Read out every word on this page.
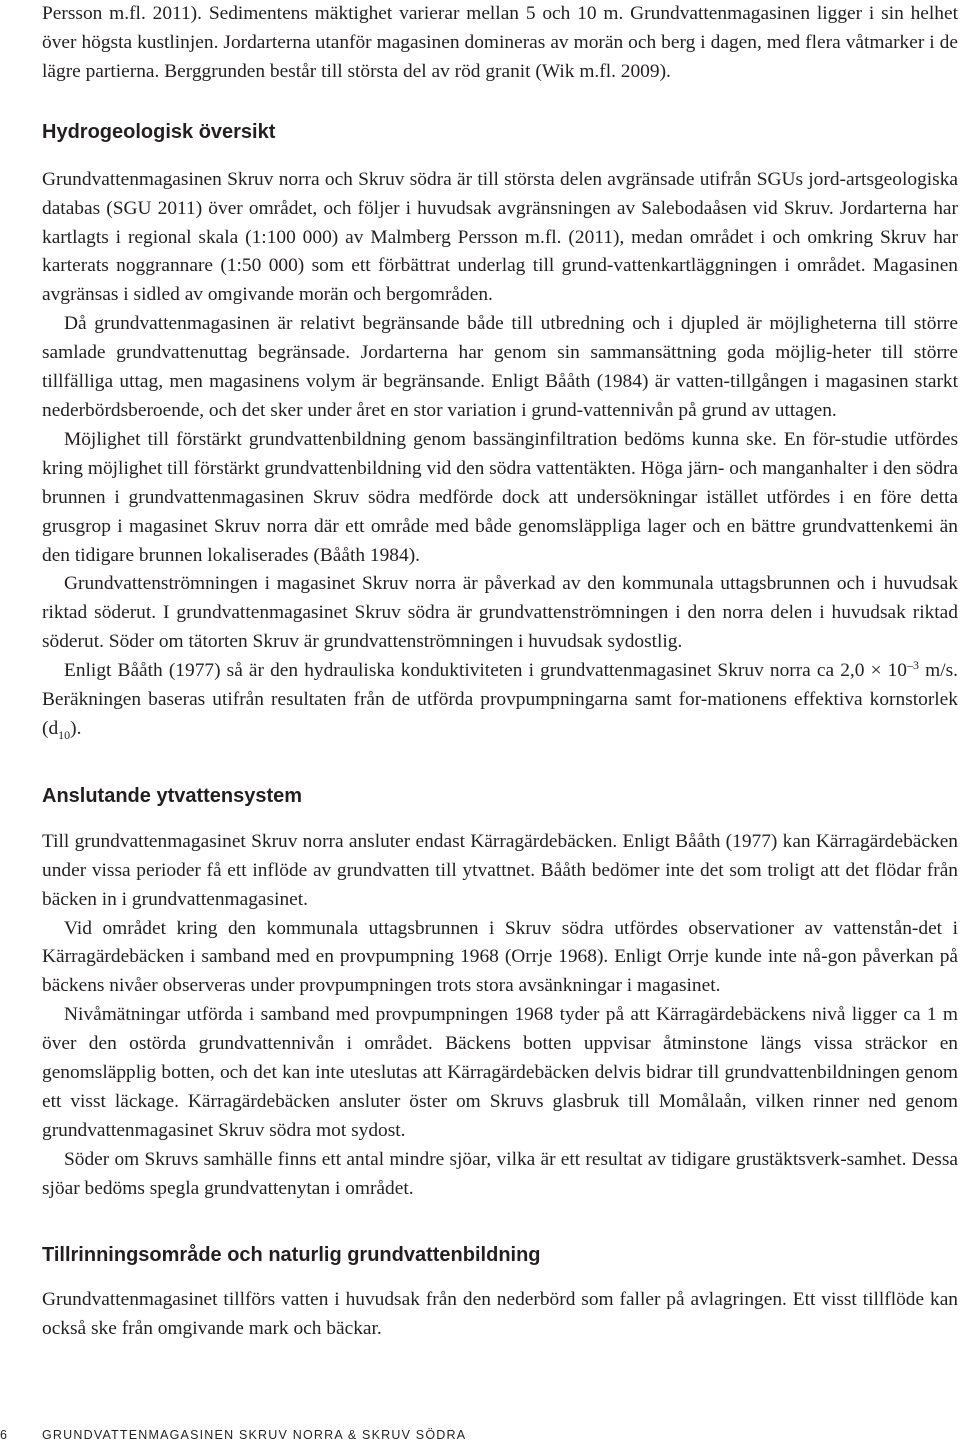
Persson m.fl. 2011). Sedimentens mäktighet varierar mellan 5 och 10 m. Grundvattenmagasinen ligger i sin helhet över högsta kustlinjen. Jordarterna utanför magasinen domineras av morän och berg i dagen, med flera våtmarker i de lägre partierna. Berggrunden består till största del av röd granit (Wik m.fl. 2009).

Hydrogeologisk översikt

Grundvattenmagasinen Skruv norra och Skruv södra är till största delen avgränsade utifrån SGUs jord-artsgeologiska databas (SGU 2011) över området, och följer i huvudsak avgränsningen av Salebodaåsen vid Skruv. Jordarterna har kartlagts i regional skala (1:100 000) av Malmberg Persson m.fl. (2011), medan området i och omkring Skruv har karterats noggrannare (1:50 000) som ett förbättrat underlag till grund-vattenkartläggningen i området. Magasinen avgränsas i sidled av omgivande morän och bergområden.

Då grundvattenmagasinen är relativt begränsande både till utbredning och i djupled är möjligheterna till större samlade grundvattenuttag begränsade. Jordarterna har genom sin sammansättning goda möjlig-heter till större tillfälliga uttag, men magasinens volym är begränsande. Enligt Bååth (1984) är vatten-tillgången i magasinen starkt nederbördsberoende, och det sker under året en stor variation i grund-vattennivån på grund av uttagen.

Möjlighet till förstärkt grundvattenbildning genom bassänginfiltration bedöms kunna ske. En för-studie utfördes kring möjlighet till förstärkt grundvattenbildning vid den södra vattentäkten. Höga järn- och manganhalter i den södra brunnen i grundvattenmagasinen Skruv södra medförde dock att undersökningar istället utfördes i en före detta grusgrop i magasinet Skruv norra där ett område med både genomsläppliga lager och en bättre grundvattenkemi än den tidigare brunnen lokaliserades (Bååth 1984).

Grundvattenströmningen i magasinet Skruv norra är påverkad av den kommunala uttagsbrunnen och i huvudsak riktad söderut. I grundvattenmagasinet Skruv södra är grundvattenströmningen i den norra delen i huvudsak riktad söderut. Söder om tätorten Skruv är grundvattenströmningen i huvudsak sydostlig.

Enligt Bååth (1977) så är den hydrauliska konduktiviteten i grundvattenmagasinet Skruv norra ca $2,0 \times 10^{-3}$ m/s. Beräkningen baseras utifrån resultaten från de utförda provpumpningarna samt for-mationens effektiva kornstorlek $(d_{10})$.

Anslutande ytvattensystem

Till grundvattenmagasinet Skruv norra ansluter endast Kärragärdebäcken. Enligt Bååth (1977) kan Kärragärdebäcken under vissa perioder få ett inflöde av grundvatten till ytvattnet. Bååth bedömer inte det som troligt att det flödar från bäcken in i grundvattenmagasinet.

Vid området kring den kommunala uttagsbrunnen i Skruv södra utfördes observationer av vattenstån-det i Kärragärdebäcken i samband med en provpumpning 1968 (Orrje 1968). Enligt Orrje kunde inte nå-gon påverkan på bäckens nivåer observeras under provpumpningen trots stora avsänkningar i magasinet.

Nivåmätningar utförda i samband med provpumpningen 1968 tyder på att Kärragärdebäckens nivå ligger ca 1 m över den ostörda grundvattennivån i området. Bäckens botten uppvisar åtminstone längs vissa sträckor en genomsläpplig botten, och det kan inte uteslutas att Kärragärdebäcken delvis bidrar till grundvattenbildningen genom ett visst läckage. Kärragärdebäcken ansluter öster om Skruvs glasbruk till Momålaån, vilken rinner ned genom grundvattenmagasinet Skruv södra mot sydost.

Söder om Skruvs samhälle finns ett antal mindre sjöar, vilka är ett resultat av tidigare grustäktsverk-samhet. Dessa sjöar bedöms spegla grundvattenytan i området.

Tillrinningsområde och naturlig grundvattenbildning

Grundvattenmagasinet tillförs vatten i huvudsak från den nederbörd som faller på avlagringen. Ett visst tillflöde kan också ske från omgivande mark och bäckar.

6	GRUNDVATTENMAGASINEN SKRUV NORRA & SKRUV SÖDRA
